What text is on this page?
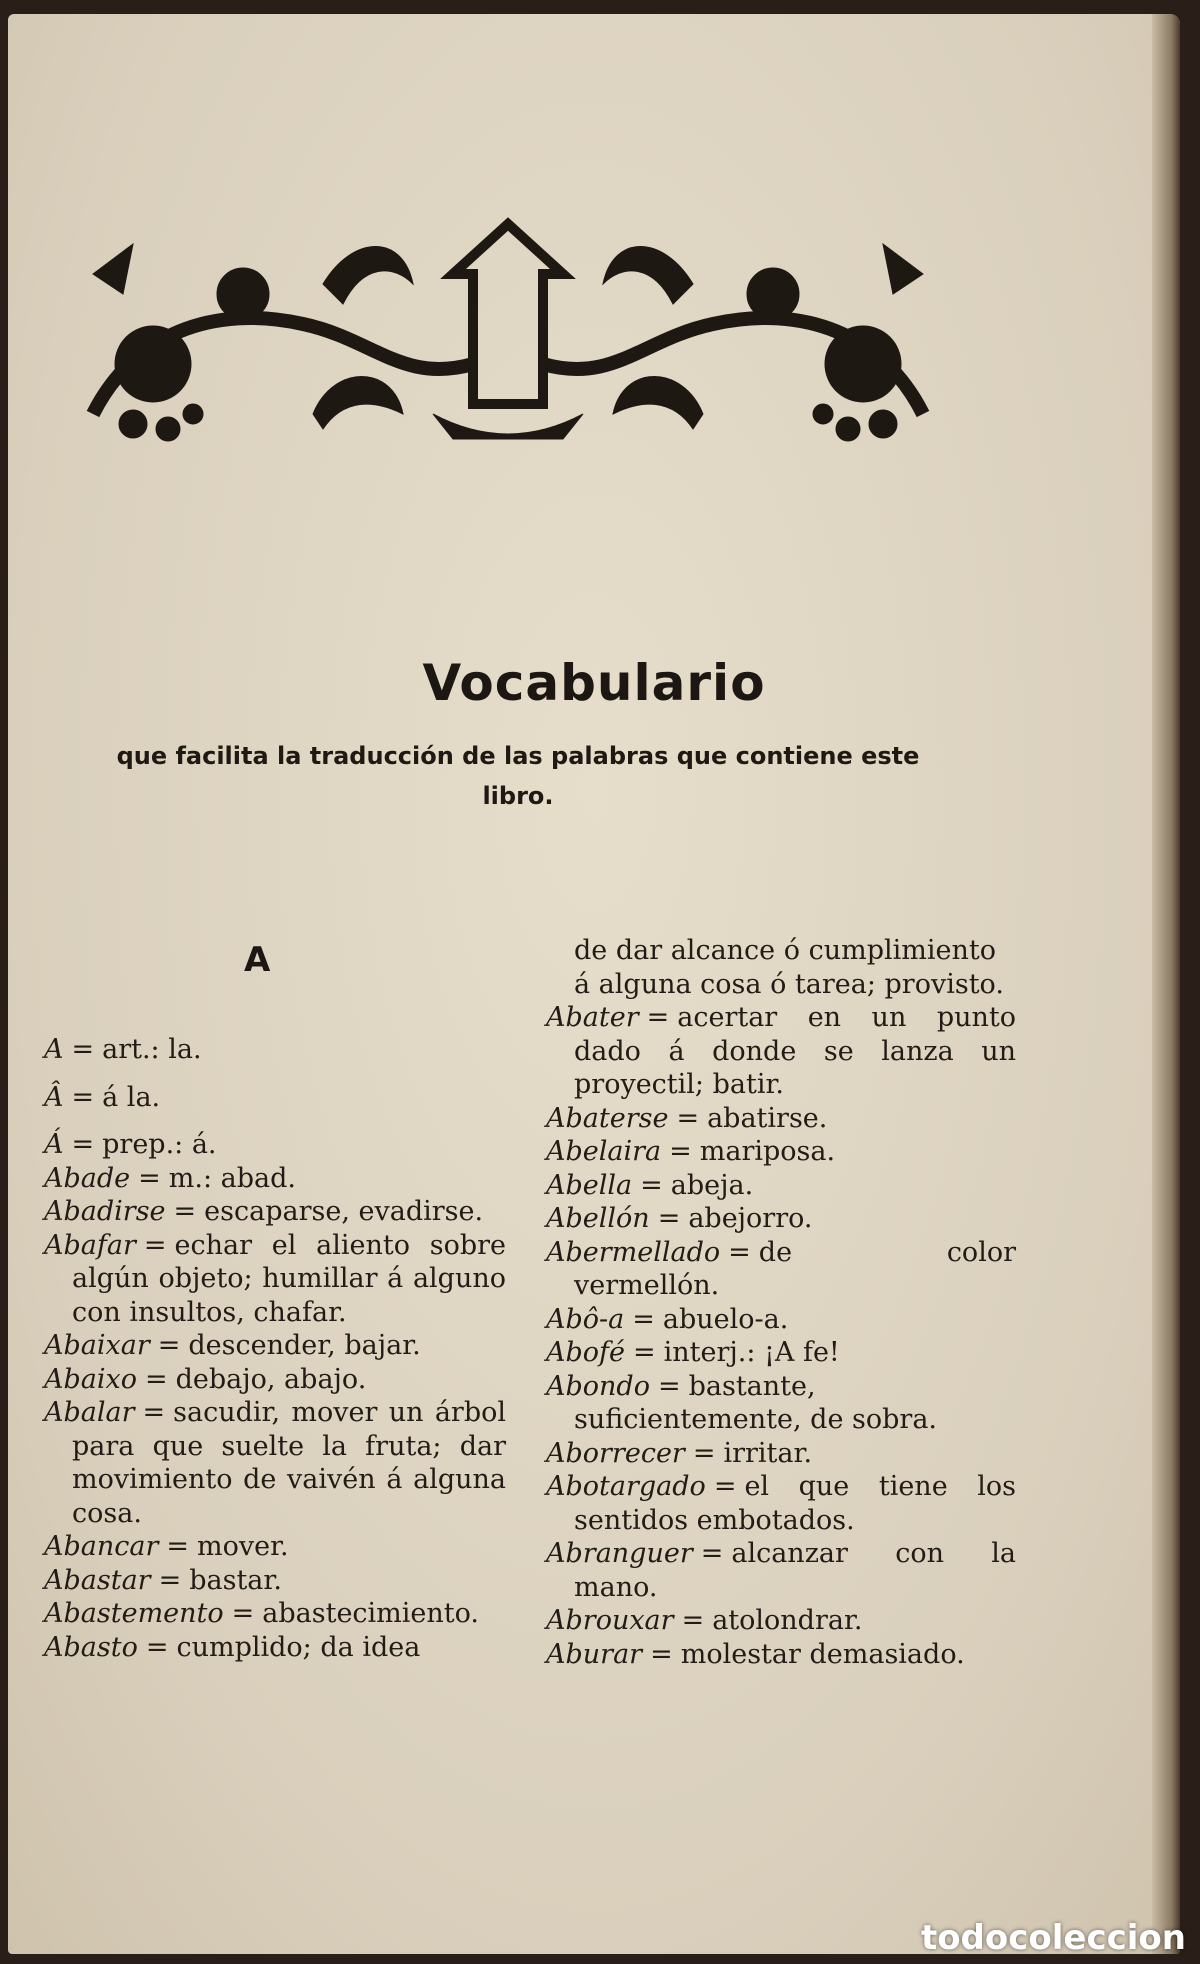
Vocabulario
que facilita la traducción de las palabras que contiene este libro.
A
A = art.: la.
Â = á la.
Á = prep.: á.
Abade = m.: abad.
Abadirse = escaparse, evadirse.
Abafar = echar el aliento sobre algún objeto; humillar á alguno con insultos, chafar.
Abaixar = descender, bajar.
Abaixo = debajo, abajo.
Abalar = sacudir, mover un árbol para que suelte la fruta; dar movimiento de vaivén á alguna cosa.
Abancar = mover.
Abastar = bastar.
Abastemento = abastecimiento.
Abasto = cumplido; da idea
de dar alcance ó cumplimiento á alguna cosa ó tarea; provisto.
Abater = acertar en un punto dado á donde se lanza un proyectil; batir.
Abaterse = abatirse.
Abelaira = mariposa.
Abella = abeja.
Abellón = abejorro.
Abermellado = de color vermellón.
Abô-a = abuelo-a.
Abofé = interj.: ¡A fe!
Abondo = bastante, suficientemente, de sobra.
Aborrecer = irritar.
Abotargado = el que tiene los sentidos embotados.
Abranguer = alcanzar con la mano.
Abrouxar = atolondrar.
Aburar = molestar demasiado.
todocoleccion
